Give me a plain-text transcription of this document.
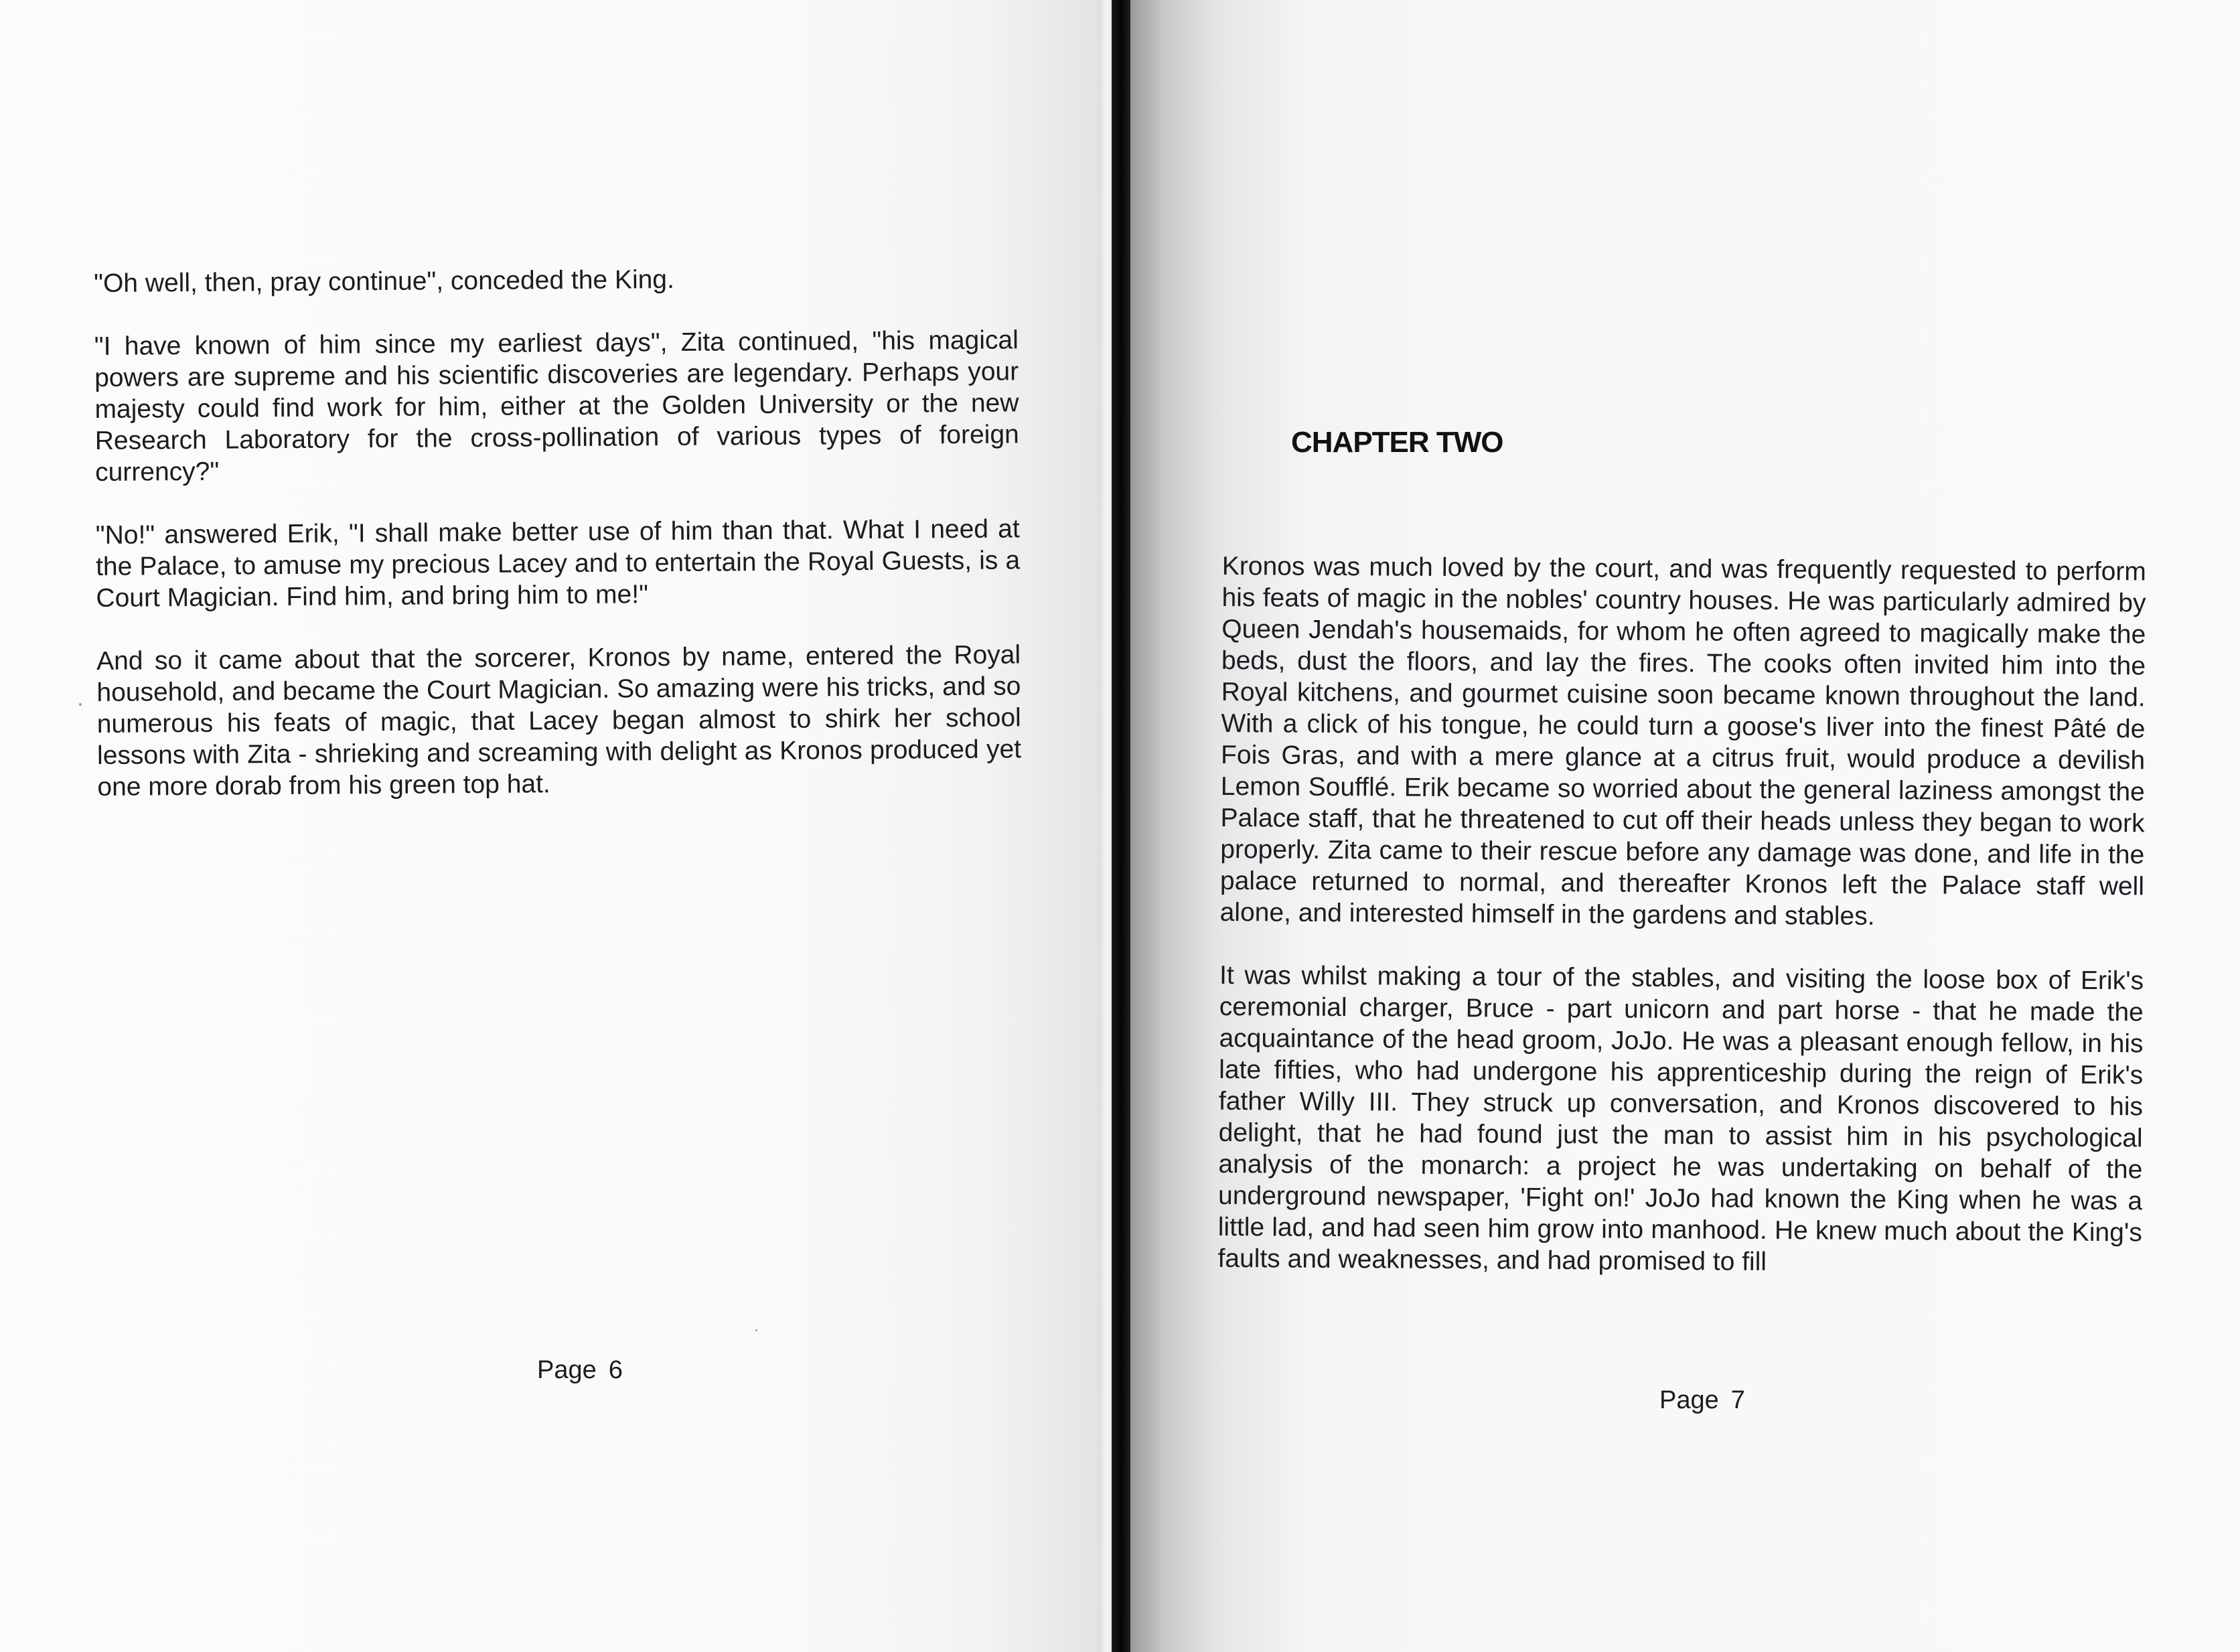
"Oh well, then, pray continue", conceded the King.

"I have known of him since my earliest days", Zita continued, "his magical powers are supreme and his scientific discoveries are legendary. Perhaps your majesty could find work for him, either at the Golden University or the new Research Laboratory for the cross-pollination of various types of foreign currency?"

"No!" answered Erik, "I shall make better use of him than that. What I need at the Palace, to amuse my precious Lacey and to entertain the Royal Guests, is a Court Magician. Find him, and bring him to me!"

And so it came about that the sorcerer, Kronos by name, entered the Royal household, and became the Court Magician. So amazing were his tricks, and so numerous his feats of magic, that Lacey began almost to shirk her school lessons with Zita - shrieking and screaming with delight as Kronos produced yet one more dorab from his green top hat.

Page 6
CHAPTER TWO

Kronos was much loved by the court, and was frequently requested to perform his feats of magic in the nobles' country houses. He was particularly admired by Queen Jendah's housemaids, for whom he often agreed to magically make the beds, dust the floors, and lay the fires. The cooks often invited him into the Royal kitchens, and gourmet cuisine soon became known throughout the land. With a click of his tongue, he could turn a goose's liver into the finest Pâté de Fois Gras, and with a mere glance at a citrus fruit, would produce a devilish Lemon Soufflé. Erik became so worried about the general laziness amongst the Palace staff, that he threatened to cut off their heads unless they began to work properly. Zita came to their rescue before any damage was done, and life in the palace returned to normal, and thereafter Kronos left the Palace staff well alone, and interested himself in the gardens and stables.

It was whilst making a tour of the stables, and visiting the loose box of Erik's ceremonial charger, Bruce - part unicorn and part horse - that he made the acquaintance of the head groom, JoJo. He was a pleasant enough fellow, in his late fifties, who had undergone his apprenticeship during the reign of Erik's father Willy III. They struck up conversation, and Kronos discovered to his delight, that he had found just the man to assist him in his psychological analysis of the monarch: a project he was undertaking on behalf of the underground newspaper, 'Fight on!' JoJo had known the King when he was a little lad, and had seen him grow into manhood. He knew much about the King's faults and weaknesses, and had promised to fill

Page 7
